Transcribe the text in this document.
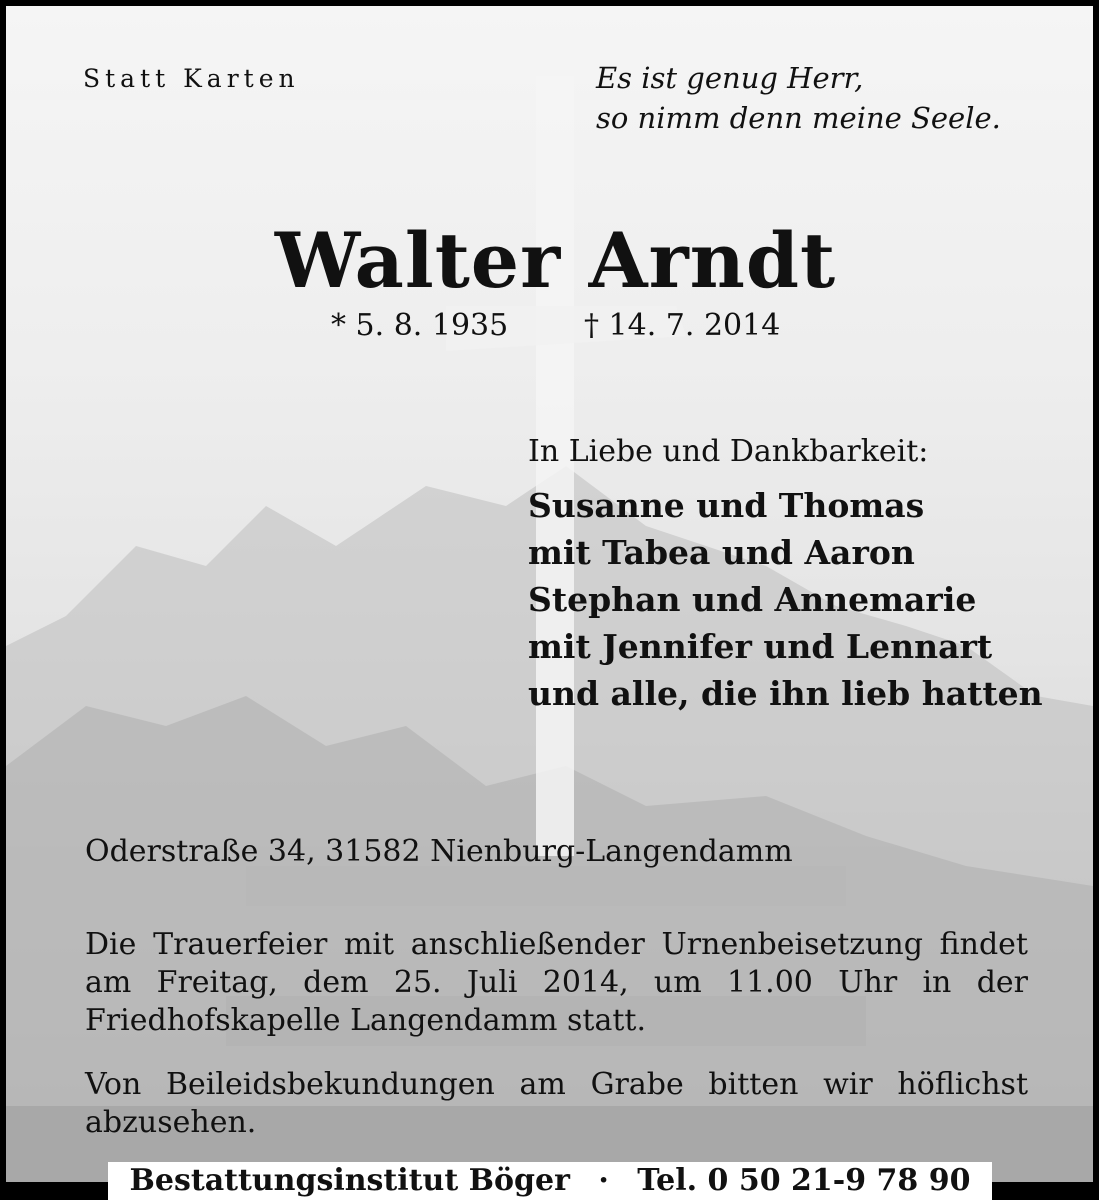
Statt Karten	Es ist genug Herr,
so nimm denn meine Seele.
Walter Arndt
* 5. 8. 1935	† 14. 7. 2014
In Liebe und Dankbarkeit:
Susanne und Thomas
mit Tabea und Aaron
Stephan und Annemarie
mit Jennifer und Lennart
und alle, die ihn lieb hatten
Oderstraße 34, 31582 Nienburg-Langendamm
Die Trauerfeier mit anschließender Urnenbeisetzung findet am Freitag, dem 25. Juli 2014, um 11.00 Uhr in der Friedhofskapelle Langendamm statt.
Von Beileidsbekundungen am Grabe bitten wir höflichst abzusehen.
Bestattungsinstitut Böger · Tel. 0 50 21-9 78 90
